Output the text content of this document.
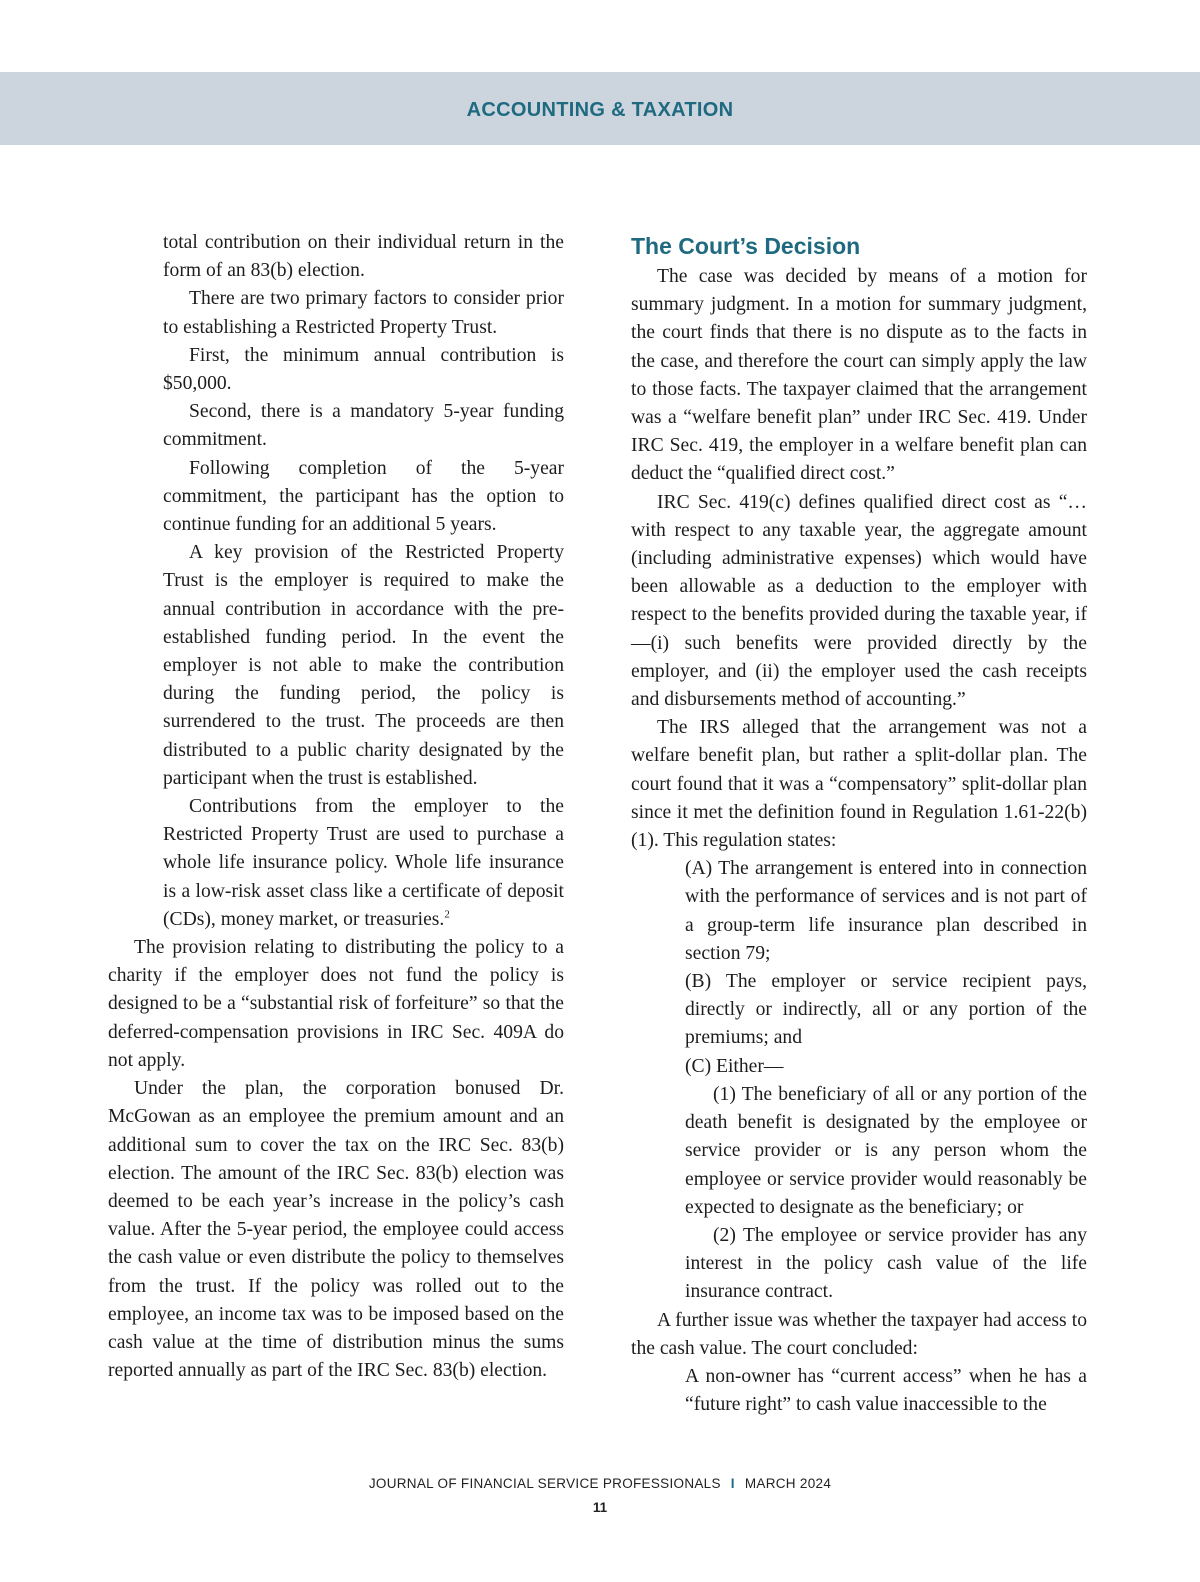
ACCOUNTING & TAXATION

total contribution on their individual return in the form of an 83(b) election.

There are two primary factors to consider prior to establishing a Restricted Property Trust.

First, the minimum annual contribution is $50,000.

Second, there is a mandatory 5-year funding commitment.

Following completion of the 5-year commitment, the participant has the option to continue funding for an additional 5 years.

A key provision of the Restricted Property Trust is the employer is required to make the annual contribution in accordance with the pre-established funding period. In the event the employer is not able to make the contribution during the funding period, the policy is surrendered to the trust. The proceeds are then distributed to a public charity designated by the participant when the trust is established.

Contributions from the employer to the Restricted Property Trust are used to purchase a whole life insurance policy. Whole life insurance is a low-risk asset class like a certificate of deposit (CDs), money market, or treasuries.$^2$

The provision relating to distributing the policy to a charity if the employer does not fund the policy is designed to be a “substantial risk of forfeiture” so that the deferred-compensation provisions in IRC Sec. 409A do not apply.

Under the plan, the corporation bonused Dr. McGowan as an employee the premium amount and an additional sum to cover the tax on the IRC Sec. 83(b) election. The amount of the IRC Sec. 83(b) election was deemed to be each year’s increase in the policy’s cash value. After the 5-year period, the employee could access the cash value or even distribute the policy to themselves from the trust. If the policy was rolled out to the employee, an income tax was to be imposed based on the cash value at the time of distribution minus the sums reported annually as part of the IRC Sec. 83(b) election.

The Court’s Decision

The case was decided by means of a motion for summary judgment. In a motion for summary judgment, the court finds that there is no dispute as to the facts in the case, and therefore the court can simply apply the law to those facts. The taxpayer claimed that the arrangement was a “welfare benefit plan” under IRC Sec. 419. Under IRC Sec. 419, the employer in a welfare benefit plan can deduct the “qualified direct cost.”

IRC Sec. 419(c) defines qualified direct cost as “…with respect to any taxable year, the aggregate amount (including administrative expenses) which would have been allowable as a deduction to the employer with respect to the benefits provided during the taxable year, if—(i) such benefits were provided directly by the employer, and (ii) the employer used the cash receipts and disbursements method of accounting.”

The IRS alleged that the arrangement was not a welfare benefit plan, but rather a split-dollar plan. The court found that it was a “compensatory” split-dollar plan since it met the definition found in Regulation 1.61-22(b)(1). This regulation states:

(A) The arrangement is entered into in connection with the performance of services and is not part of a group-term life insurance plan described in section 79;

(B) The employer or service recipient pays, directly or indirectly, all or any portion of the premiums; and

(C) Either—

(1) The beneficiary of all or any portion of the death benefit is designated by the employee or service provider or is any person whom the employee or service provider would reasonably be expected to designate as the beneficiary; or

(2) The employee or service provider has any interest in the policy cash value of the life insurance contract.

A further issue was whether the taxpayer had access to the cash value. The court concluded:

A non-owner has “current access” when he has a “future right” to cash value inaccessible to the

JOURNAL OF FINANCIAL SERVICE PROFESSIONALS I MARCH 2024
11
